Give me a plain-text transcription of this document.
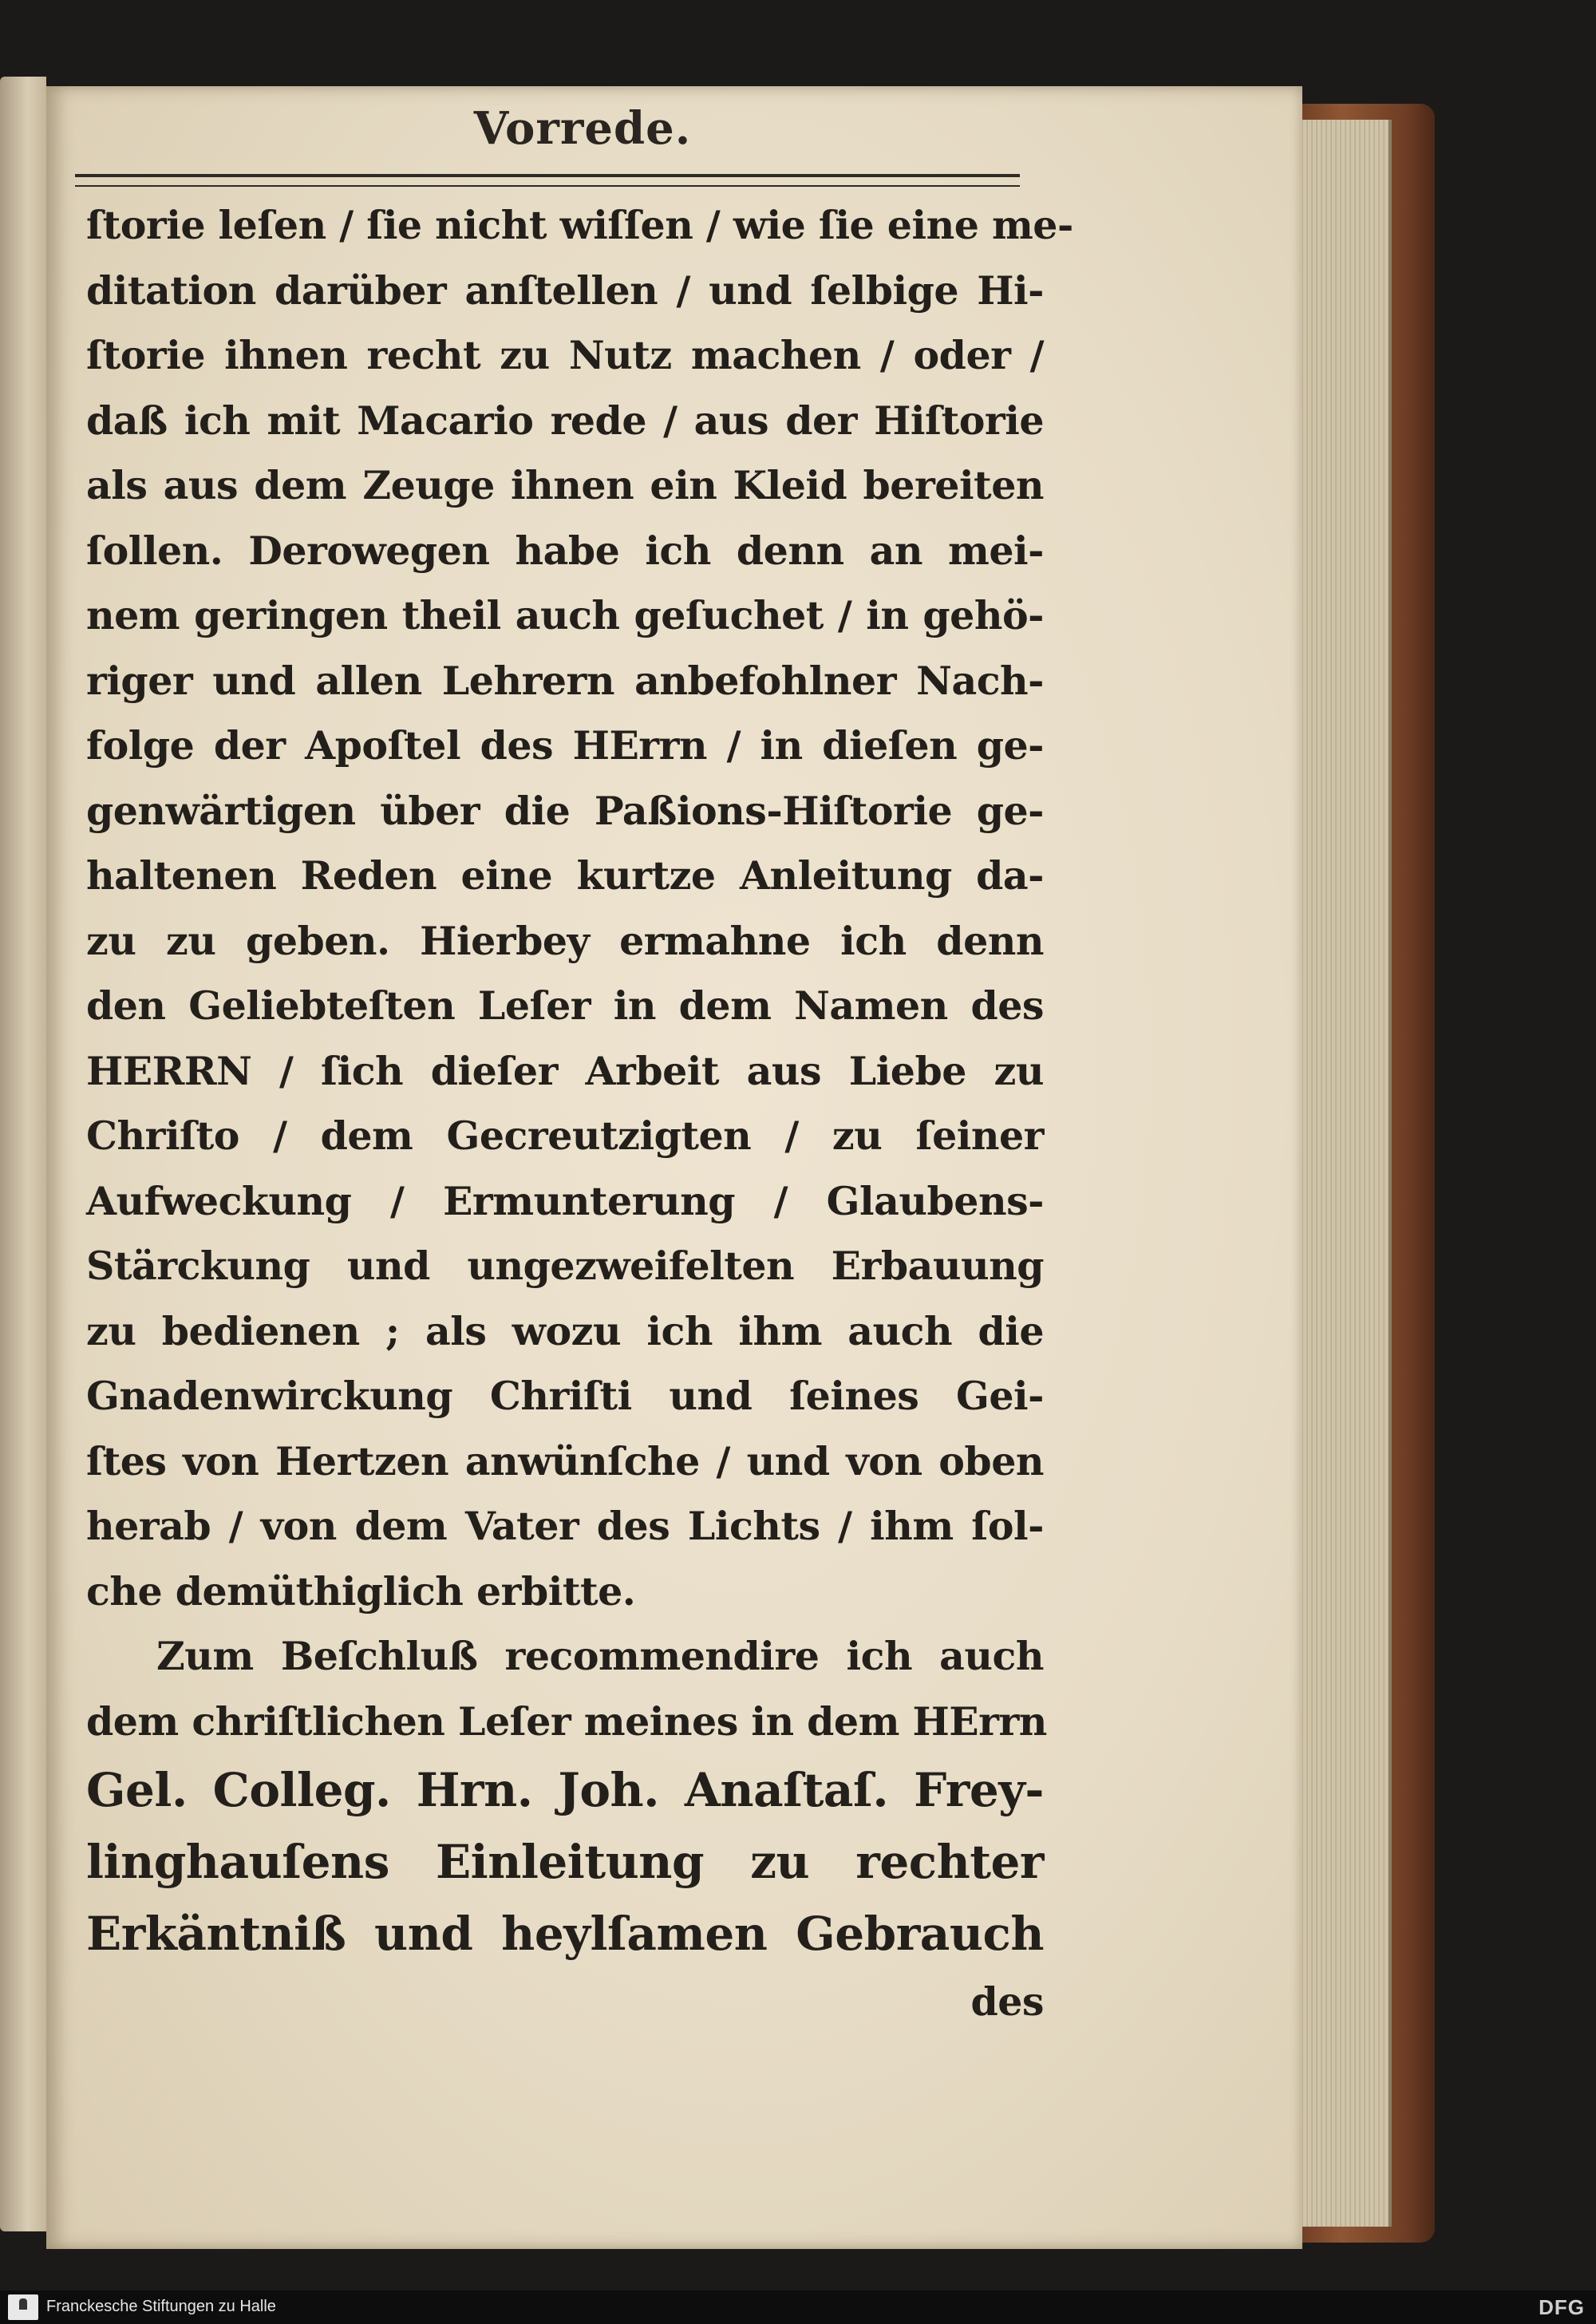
Vorrede.
ſtorie leſen / ſie nicht wiſſen / wie ſie eine me-
ditation darüber anſtellen / und ſelbige Hi-
ſtorie ihnen recht zu Nutz machen / oder /
daß ich mit Macario rede / aus der Hiſtorie
als aus dem Zeuge ihnen ein Kleid bereiten
ſollen. Derowegen habe ich denn an mei-
nem geringen theil auch geſuchet / in gehö-
riger und allen Lehrern anbefohlner Nach-
folge der Apoſtel des HErrn / in dieſen ge-
genwärtigen über die Paßions-Hiſtorie ge-
haltenen Reden eine kurtze Anleitung da-
zu zu geben. Hierbey ermahne ich denn
den Geliebteſten Leſer in dem Namen des
HERRN / ſich dieſer Arbeit aus Liebe zu
Chriſto / dem Gecreutzigten / zu ſeiner
Aufweckung / Ermunterung / Glaubens-
Stärckung und ungezweifelten Erbauung
zu bedienen ; als wozu ich ihm auch die
Gnadenwirckung Chriſti und ſeines Gei-
ſtes von Hertzen anwünſche / und von oben
herab / von dem Vater des Lichts / ihm ſol-
che demüthiglich erbitte.
Zum Beſchluß recommendire ich auch
dem chriſtlichen Leſer meines in dem HErrn
Gel. Colleg. Hrn. Joh. Anaſtaſ. Frey-
linghauſens Einleitung zu rechter
Erkäntniß und heylſamen Gebrauch
des
Franckesche Stiftungen zu Halle	DFG
